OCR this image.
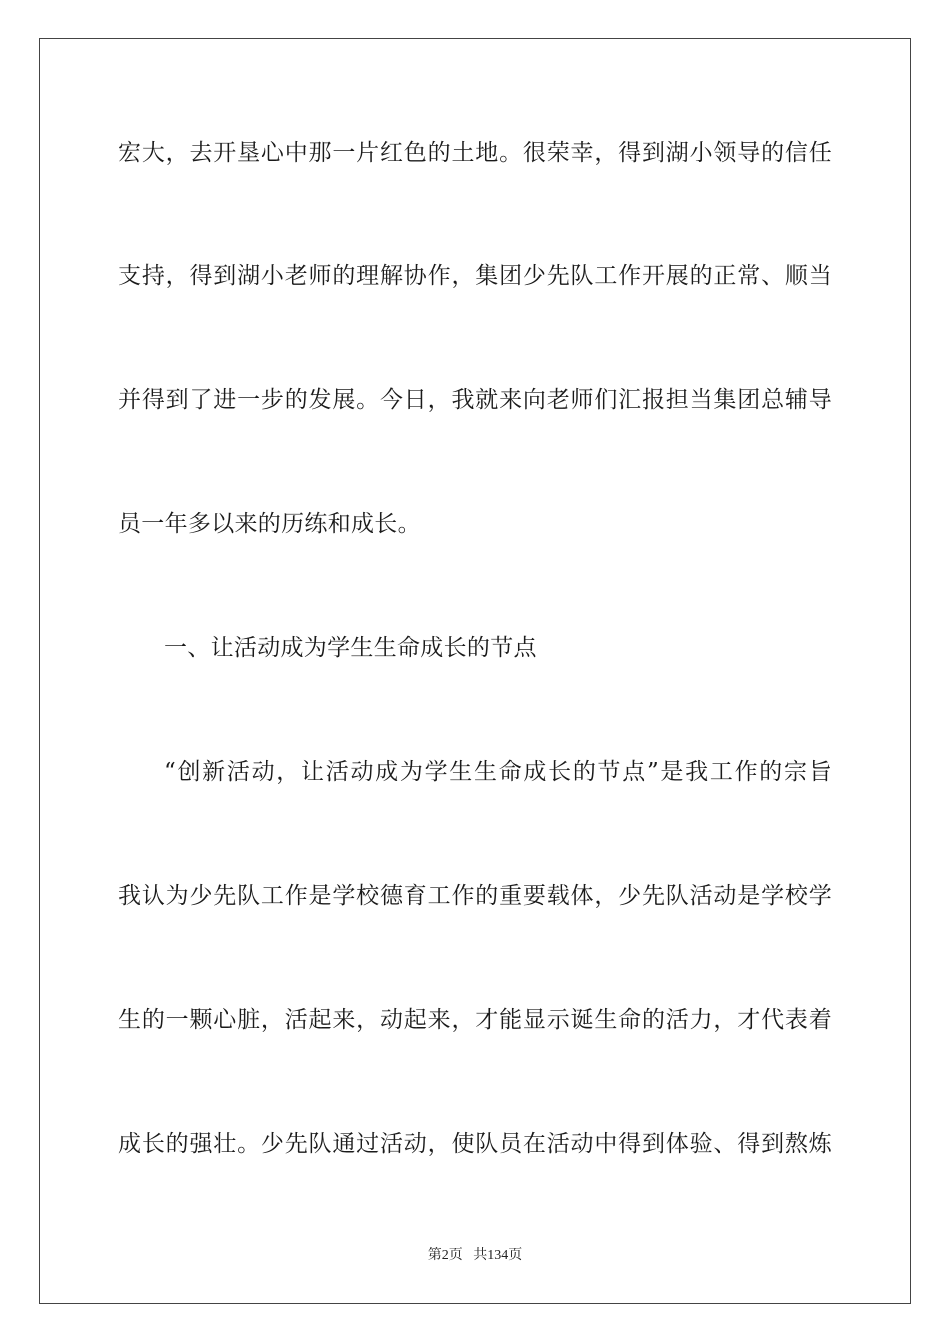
宏大，去开垦心中那一片红色的土地。很荣幸，得到湖小领导的信任
支持，得到湖小老师的理解协作，集团少先队工作开展的正常、顺当
并得到了进一步的发展。今日，我就来向老师们汇报担当集团总辅导
员一年多以来的历练和成长。
一、让活动成为学生生命成长的节点
“创新活动，让活动成为学生生命成长的节点”是我工作的宗旨
我认为少先队工作是学校德育工作的重要载体，少先队活动是学校学
生的一颗心脏，活起来，动起来，才能显示诞生命的活力，才代表着
成长的强壮。少先队通过活动，使队员在活动中得到体验、得到熬炼
第2页 共134页
